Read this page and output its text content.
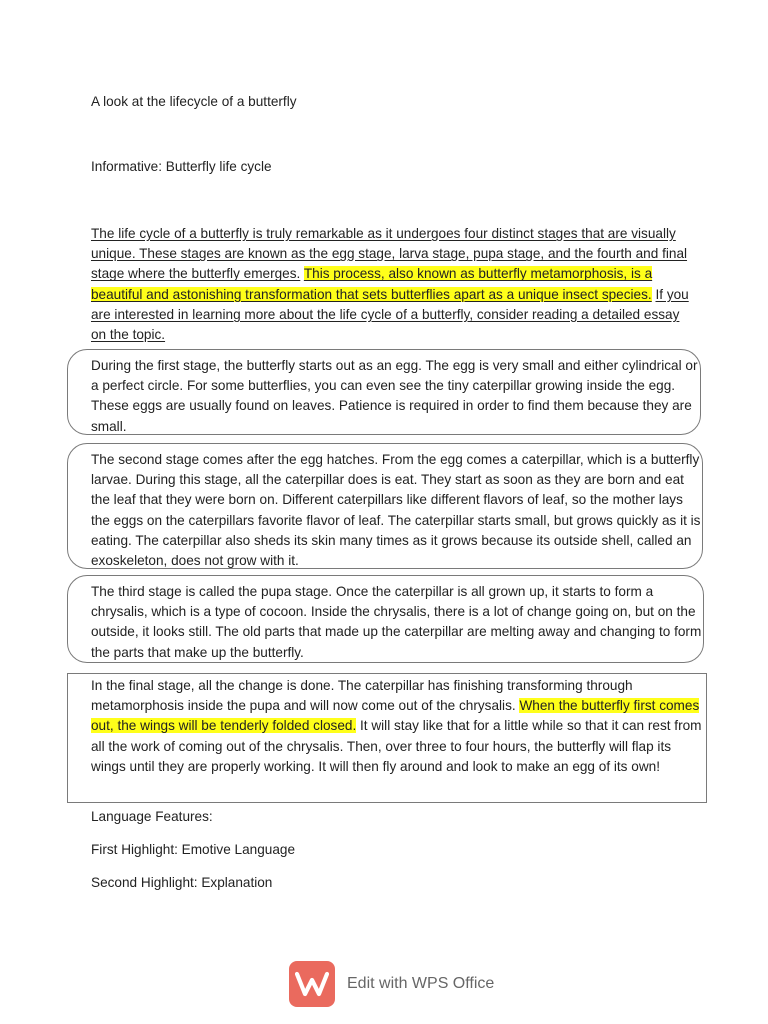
A look at the lifecycle of a butterfly

Informative: Butterfly life cycle

The life cycle of a butterfly is truly remarkable as it undergoes four distinct stages that are visually unique. These stages are known as the egg stage, larva stage, pupa stage, and the fourth and final stage where the butterfly emerges. This process, also known as butterfly metamorphosis, is a beautiful and astonishing transformation that sets butterflies apart as a unique insect species. If you are interested in learning more about the life cycle of a butterfly, consider reading a detailed essay on the topic.

During the first stage, the butterfly starts out as an egg. The egg is very small and either cylindrical or a perfect circle. For some butterflies, you can even see the tiny caterpillar growing inside the egg. These eggs are usually found on leaves. Patience is required in order to find them because they are small.

The second stage comes after the egg hatches. From the egg comes a caterpillar, which is a butterfly larvae. During this stage, all the caterpillar does is eat. They start as soon as they are born and eat the leaf that they were born on. Different caterpillars like different flavors of leaf, so the mother lays the eggs on the caterpillars favorite flavor of leaf. The caterpillar starts small, but grows quickly as it is eating. The caterpillar also sheds its skin many times as it grows because its outside shell, called an exoskeleton, does not grow with it.

The third stage is called the pupa stage. Once the caterpillar is all grown up, it starts to form a chrysalis, which is a type of cocoon. Inside the chrysalis, there is a lot of change going on, but on the outside, it looks still. The old parts that made up the caterpillar are melting away and changing to form the parts that make up the butterfly.

In the final stage, all the change is done. The caterpillar has finishing transforming through metamorphosis inside the pupa and will now come out of the chrysalis. When the butterfly first comes out, the wings will be tenderly folded closed. It will stay like that for a little while so that it can rest from all the work of coming out of the chrysalis. Then, over three to four hours, the butterfly will flap its wings until they are properly working. It will then fly around and look to make an egg of its own!

Language Features:

First Highlight: Emotive Language

Second Highlight: Explanation

Edit with WPS Office
